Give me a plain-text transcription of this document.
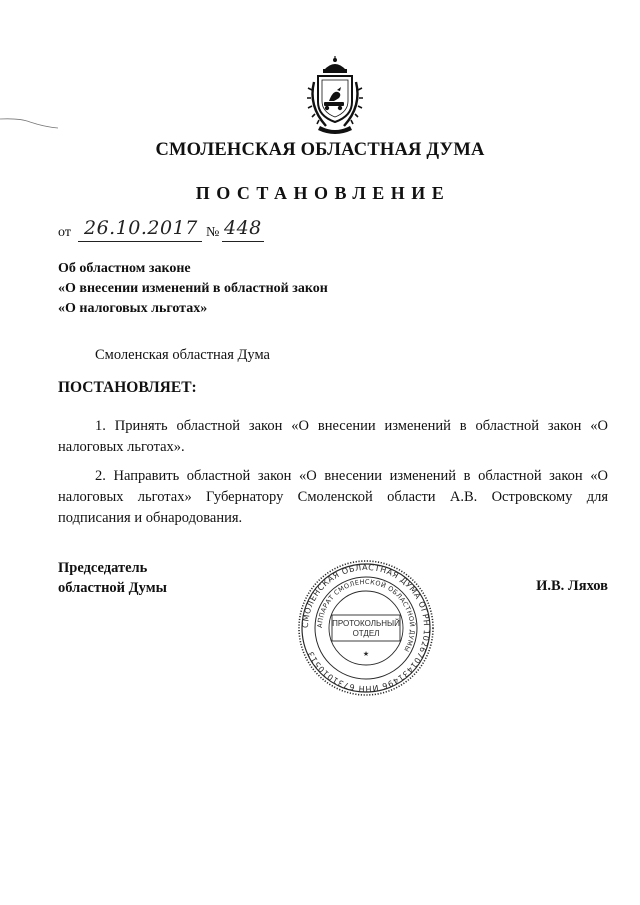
СМОЛЕНСКАЯ ОБЛАСТНАЯ ДУМА
ПОСТАНОВЛЕНИЕ
от 26.10.2017 № 448
Об областном законе
«О внесении изменений в областной закон
«О налоговых льготах»
Смоленская областная Дума
ПОСТАНОВЛЯЕТ:

1. Принять областной закон «О внесении изменений в областной закон «О налоговых льготах».

2. Направить областной закон «О внесении изменений в областной закон «О налоговых льготах» Губернатору Смоленской области А.В. Островскому для подписания и обнародования.

Председатель
областной Думы	И.В. Ляхов
СМОЛЕНСКАЯ ОБЛАСТНАЯ ДУМА ОГРН 1026701431496 ИНН 6731010513
АППАРАТ СМОЛЕНСКОЙ ОБЛАСТНОЙ ДУМЫ
ПРОТОКОЛЬНЫЙ
ОТДЕЛ
★
